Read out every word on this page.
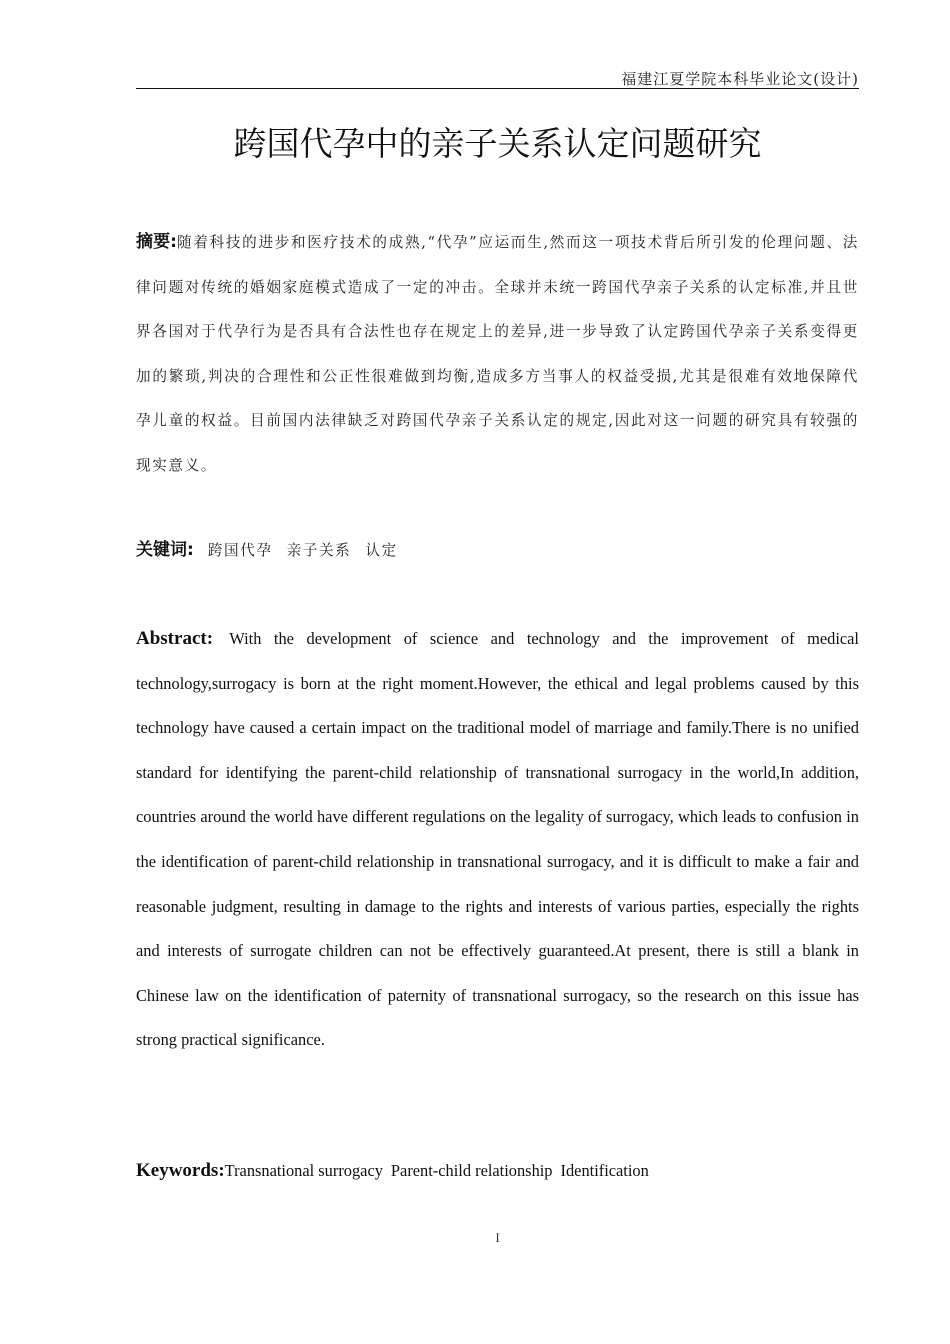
福建江夏学院本科毕业论文(设计)
跨国代孕中的亲子关系认定问题研究
摘要:随着科技的进步和医疗技术的成熟,“代孕”应运而生,然而这一项技术背后所引发的伦理问题、法律问题对传统的婚姻家庭模式造成了一定的冲击。全球并未统一跨国代孕亲子关系的认定标准,并且世界各国对于代孕行为是否具有合法性也存在规定上的差异,进一步导致了认定跨国代孕亲子关系变得更加的繁琐,判决的合理性和公正性很难做到均衡,造成多方当事人的权益受损,尤其是很难有效地保障代孕儿童的权益。目前国内法律缺乏对跨国代孕亲子关系认定的规定,因此对这一问题的研究具有较强的现实意义。
关键词: 跨国代孕 亲子关系 认定
Abstract: With the development of science and technology and the improvement of medical technology,surrogacy is born at the right moment.However, the ethical and legal problems caused by this technology have caused a certain impact on the traditional model of marriage and family.There is no unified standard for identifying the parent-child relationship of transnational surrogacy in the world,In addition, countries around the world have different regulations on the legality of surrogacy, which leads to confusion in the identification of parent-child relationship in transnational surrogacy, and it is difficult to make a fair and reasonable judgment, resulting in damage to the rights and interests of various parties, especially the rights and interests of surrogate children can not be effectively guaranteed.At present, there is still a blank in Chinese law on the identification of paternity of transnational surrogacy, so the research on this issue has strong practical significance.
Keywords:Transnational surrogacy Parent-child relationship Identification
I
